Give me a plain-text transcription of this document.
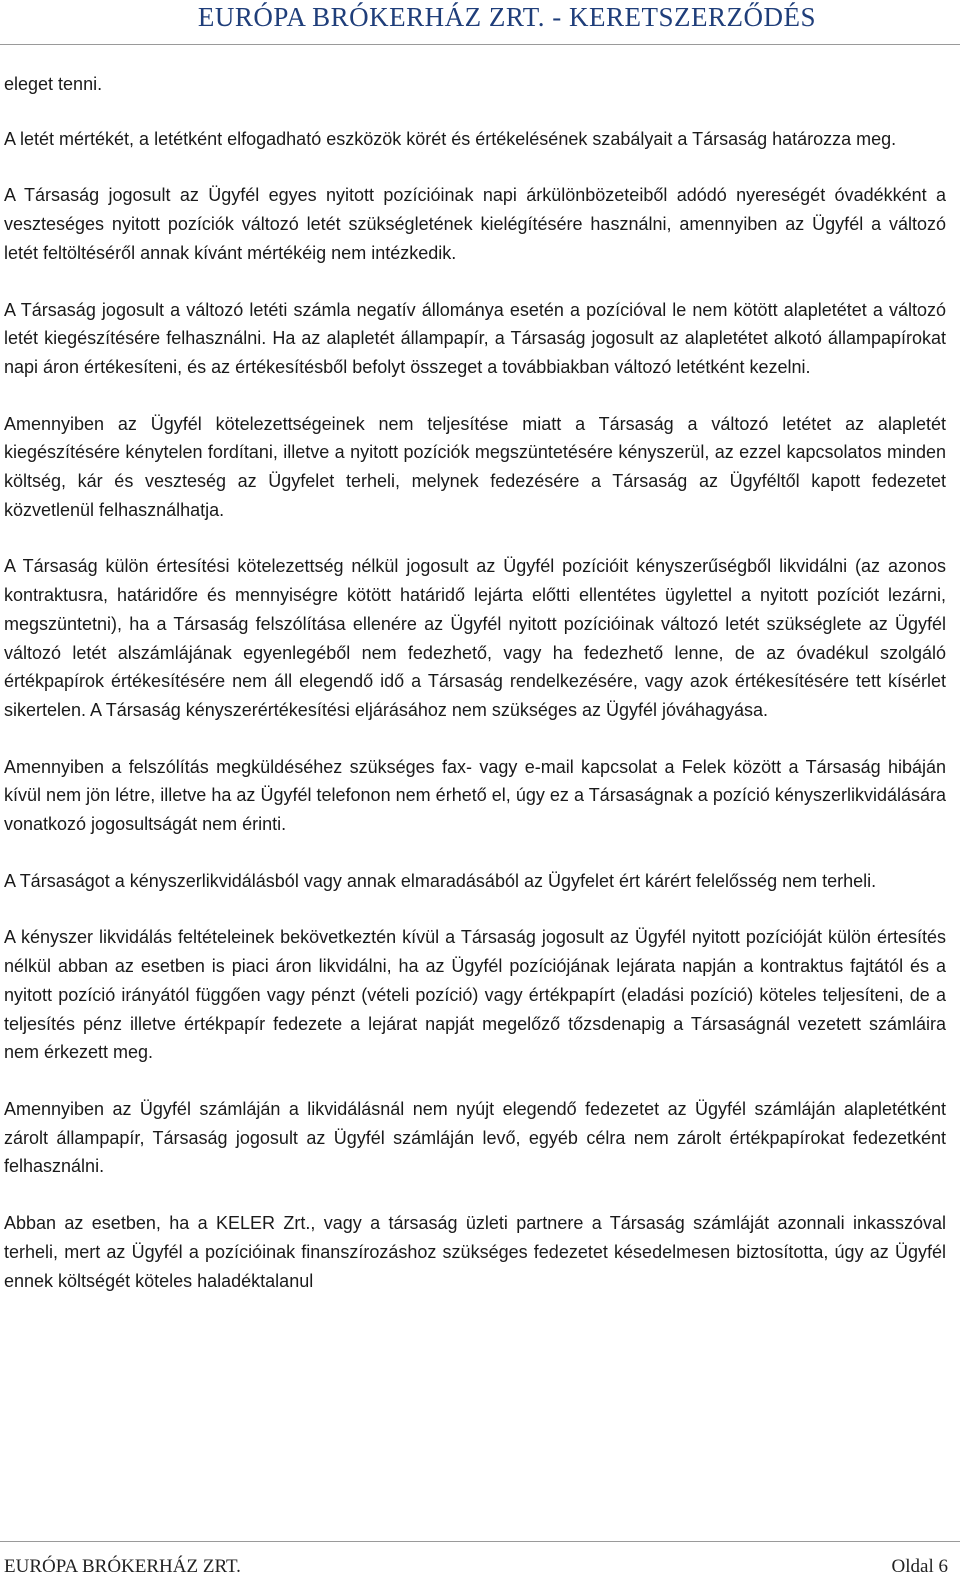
EURÓPA BRÓKERHÁZ ZRT. - KERETSZERZŐDÉS

eleget tenni.

A letét mértékét, a letétként elfogadható eszközök körét és értékelésének szabályait a Társaság határozza meg.

A Társaság jogosult az Ügyfél egyes nyitott pozícióinak napi árkülönbözeteiből adódó nyereségét óvadékként a veszteséges nyitott pozíciók változó letét szükségletének kielégítésére használni, amennyiben az Ügyfél a változó letét feltöltéséről annak kívánt mértékéig nem intézkedik.

A Társaság jogosult a változó letéti számla negatív állománya esetén a pozícióval le nem kötött alapletétet a változó letét kiegészítésére felhasználni. Ha az alapletét állampapír, a Társaság jogosult az alapletétet alkotó állampapírokat napi áron értékesíteni, és az értékesítésből befolyt összeget a továbbiakban változó letétként kezelni.

Amennyiben az Ügyfél kötelezettségeinek nem teljesítése miatt a Társaság a változó letétet az alapletét kiegészítésére kénytelen fordítani, illetve a nyitott pozíciók megszüntetésére kényszerül, az ezzel kapcsolatos minden költség, kár és veszteség az Ügyfelet terheli, melynek fedezésére a Társaság az Ügyféltől kapott fedezetet közvetlenül felhasználhatja.

A Társaság külön értesítési kötelezettség nélkül jogosult az Ügyfél pozícióit kényszerűségből likvidálni (az azonos kontraktusra, határidőre és mennyiségre kötött határidő lejárta előtti ellentétes ügylettel a nyitott pozíciót lezárni, megszüntetni), ha a Társaság felszólítása ellenére az Ügyfél nyitott pozícióinak változó letét szükséglete az Ügyfél változó letét alszámlájának egyenlegéből nem fedezhető, vagy ha fedezhető lenne, de az óvadékul szolgáló értékpapírok értékesítésére nem áll elegendő idő a Társaság rendelkezésére, vagy azok értékesítésére tett kísérlet sikertelen. A Társaság kényszerértékesítési eljárásához nem szükséges az Ügyfél jóváhagyása.

Amennyiben a felszólítás megküldéséhez szükséges fax- vagy e-mail kapcsolat a Felek között a Társaság hibáján kívül nem jön létre, illetve ha az Ügyfél telefonon nem érhető el, úgy ez a Társaságnak a pozíció kényszerlikvidálására vonatkozó jogosultságát nem érinti.

A Társaságot a kényszerlikvidálásból vagy annak elmaradásából az Ügyfelet ért kárért felelősség nem terheli.

A kényszer likvidálás feltételeinek bekövetkeztén kívül a Társaság jogosult az Ügyfél nyitott pozícióját külön értesítés nélkül abban az esetben is piaci áron likvidálni, ha az Ügyfél pozíciójának lejárata napján a kontraktus fajtától és a nyitott pozíció irányától függően vagy pénzt (vételi pozíció) vagy értékpapírt (eladási pozíció) köteles teljesíteni, de a teljesítés pénz illetve értékpapír fedezete a lejárat napját megelőző tőzsdenapig a Társaságnál vezetett számláira nem érkezett meg.

Amennyiben az Ügyfél számláján a likvidálásnál nem nyújt elegendő fedezetet az Ügyfél számláján alapletétként zárolt állampapír, Társaság jogosult az Ügyfél számláján levő, egyéb célra nem zárolt értékpapírokat fedezetként felhasználni.

Abban az esetben, ha a KELER Zrt., vagy a társaság üzleti partnere a Társaság számláját azonnali inkasszóval terheli, mert az Ügyfél a pozícióinak finanszírozáshoz szükséges fedezetet késedelmesen biztosította, úgy az Ügyfél ennek költségét köteles haladéktalanul

EURÓPA BRÓKERHÁZ ZRT.	Oldal 6
